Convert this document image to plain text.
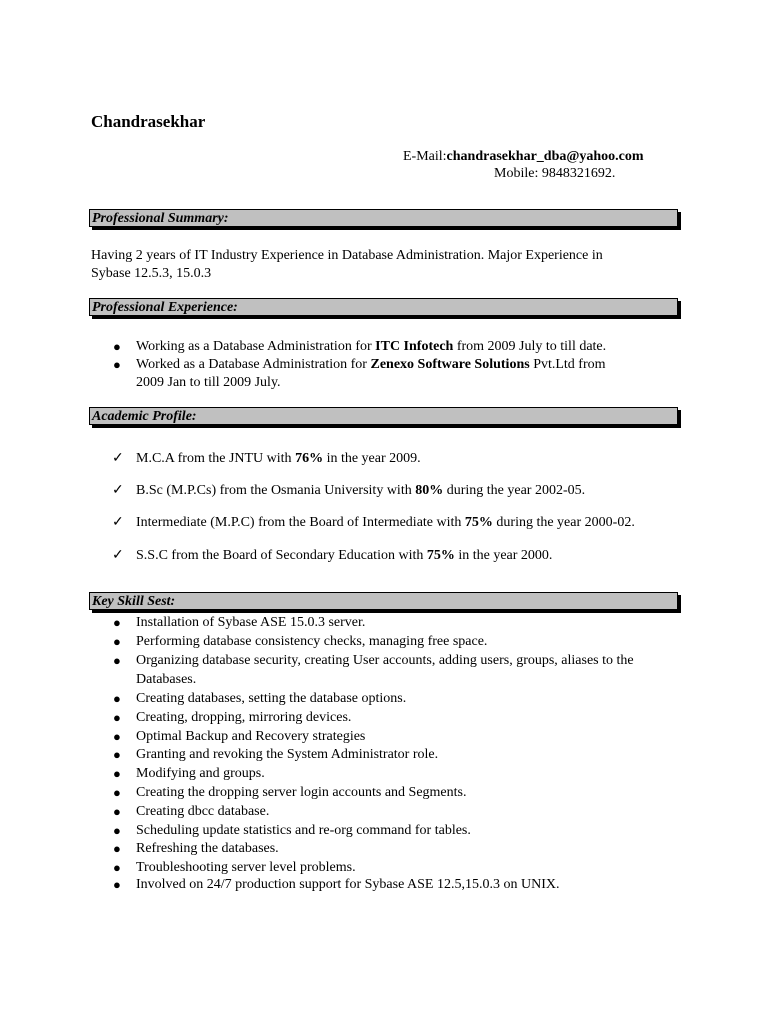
Chandrasekhar
E-Mail:chandrasekhar_dba@yahoo.com
Mobile: 9848321692.
Professional Summary:
Having 2 years of IT Industry Experience in Database Administration. Major Experience in
Sybase 12.5.3, 15.0.3
Professional Experience:
● Working as a Database Administration for ITC Infotech from 2009 July to till date.
● Worked as a Database Administration for Zenexo Software Solutions Pvt.Ltd from
2009 Jan to till 2009 July.
Academic Profile:
✓ M.C.A from the JNTU with 76% in the year 2009.
✓ B.Sc (M.P.Cs) from the Osmania University with 80% during the year 2002-05.
✓ Intermediate (M.P.C) from the Board of Intermediate with 75% during the year 2000-02.
✓ S.S.C from the Board of Secondary Education with 75% in the year 2000.
Key Skill Sest:
● Installation of Sybase ASE 15.0.3 server.
● Performing database consistency checks, managing free space.
● Organizing database security, creating User accounts, adding users, groups, aliases to the
Databases.
● Creating databases, setting the database options.
● Creating, dropping, mirroring devices.
● Optimal Backup and Recovery strategies
● Granting and revoking the System Administrator role.
● Modifying and groups.
● Creating the dropping server login accounts and Segments.
● Creating dbcc database.
● Scheduling update statistics and re-org command for tables.
● Refreshing the databases.
● Troubleshooting server level problems.
● Involved on 24/7 production support for Sybase ASE 12.5,15.0.3 on UNIX.
